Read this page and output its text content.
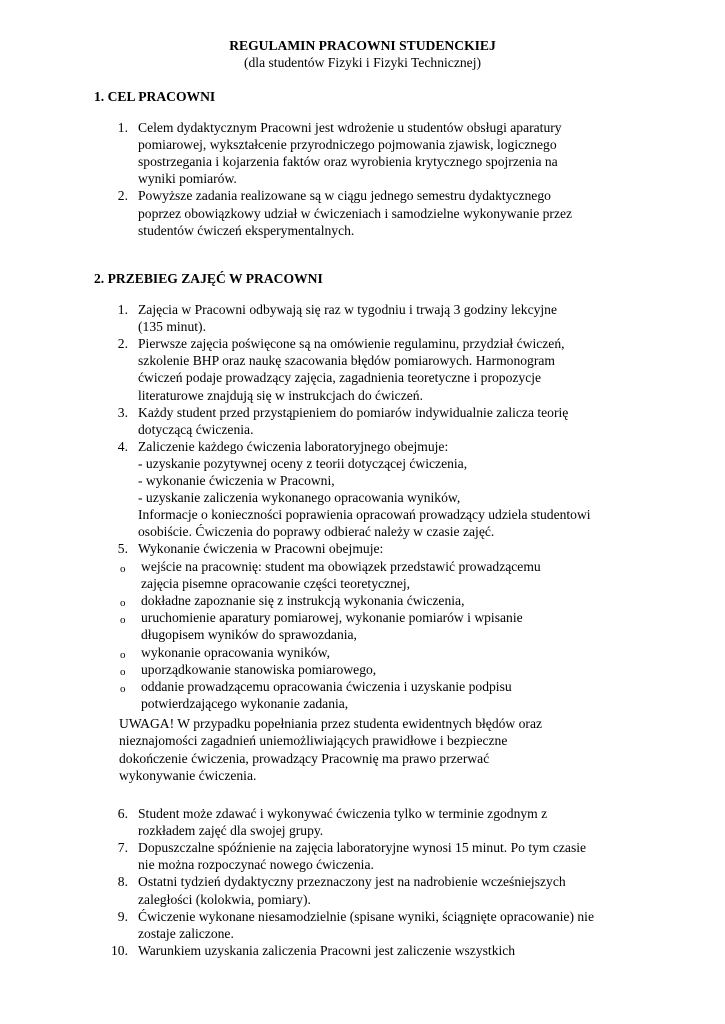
REGULAMIN PRACOWNI STUDENCKIEJ
(dla studentów Fizyki i Fizyki Technicznej)
1. CEL PRACOWNI
1. Celem dydaktycznym Pracowni jest wdrożenie u studentów obsługi aparatury
pomiarowej, wykształcenie przyrodniczego pojmowania zjawisk, logicznego
spostrzegania i kojarzenia faktów oraz wyrobienia krytycznego spojrzenia na
wyniki pomiarów.
2. Powyższe zadania realizowane są w ciągu jednego semestru dydaktycznego
poprzez obowiązkowy udział w ćwiczeniach i samodzielne wykonywanie przez
studentów ćwiczeń eksperymentalnych.
2. PRZEBIEG ZAJĘĆ W PRACOWNI
1. Zajęcia w Pracowni odbywają się raz w tygodniu i trwają 3 godziny lekcyjne
(135 minut).
2. Pierwsze zajęcia poświęcone są na omówienie regulaminu, przydział ćwiczeń,
szkolenie BHP oraz naukę szacowania błędów pomiarowych. Harmonogram
ćwiczeń podaje prowadzący zajęcia, zagadnienia teoretyczne i propozycje
literaturowe znajdują się w instrukcjach do ćwiczeń.
3. Każdy student przed przystąpieniem do pomiarów indywidualnie zalicza teorię
dotyczącą ćwiczenia.
4. Zaliczenie każdego ćwiczenia laboratoryjnego obejmuje:
- uzyskanie pozytywnej oceny z teorii dotyczącej ćwiczenia,
- wykonanie ćwiczenia w Pracowni,
- uzyskanie zaliczenia wykonanego opracowania wyników,
Informacje o konieczności poprawienia opracowań prowadzący udziela studentowi
osobiście. Ćwiczenia do poprawy odbierać należy w czasie zajęć.
5. Wykonanie ćwiczenia w Pracowni obejmuje:
o wejście na pracownię: student ma obowiązek przedstawić prowadzącemu
zajęcia pisemne opracowanie części teoretycznej,
o dokładne zapoznanie się z instrukcją wykonania ćwiczenia,
o uruchomienie aparatury pomiarowej, wykonanie pomiarów i wpisanie
długopisem wyników do sprawozdania,
o wykonanie opracowania wyników,
o uporządkowanie stanowiska pomiarowego,
o oddanie prowadzącemu opracowania ćwiczenia i uzyskanie podpisu
potwierdzającego wykonanie zadania,
UWAGA! W przypadku popełniania przez studenta ewidentnych błędów oraz
nieznajomości zagadnień uniemożliwiających prawidłowe i bezpieczne
dokończenie ćwiczenia, prowadzący Pracownię ma prawo przerwać
wykonywanie ćwiczenia.
6. Student może zdawać i wykonywać ćwiczenia tylko w terminie zgodnym z
rozkładem zajęć dla swojej grupy.
7. Dopuszczalne spóźnienie na zajęcia laboratoryjne wynosi 15 minut. Po tym czasie
nie można rozpoczynać nowego ćwiczenia.
8. Ostatni tydzień dydaktyczny przeznaczony jest na nadrobienie wcześniejszych
zaległości (kolokwia, pomiary).
9. Ćwiczenie wykonane niesamodzielnie (spisane wyniki, ściągnięte opracowanie) nie
zostaje zaliczone.
10. Warunkiem uzyskania zaliczenia Pracowni jest zaliczenie wszystkich
